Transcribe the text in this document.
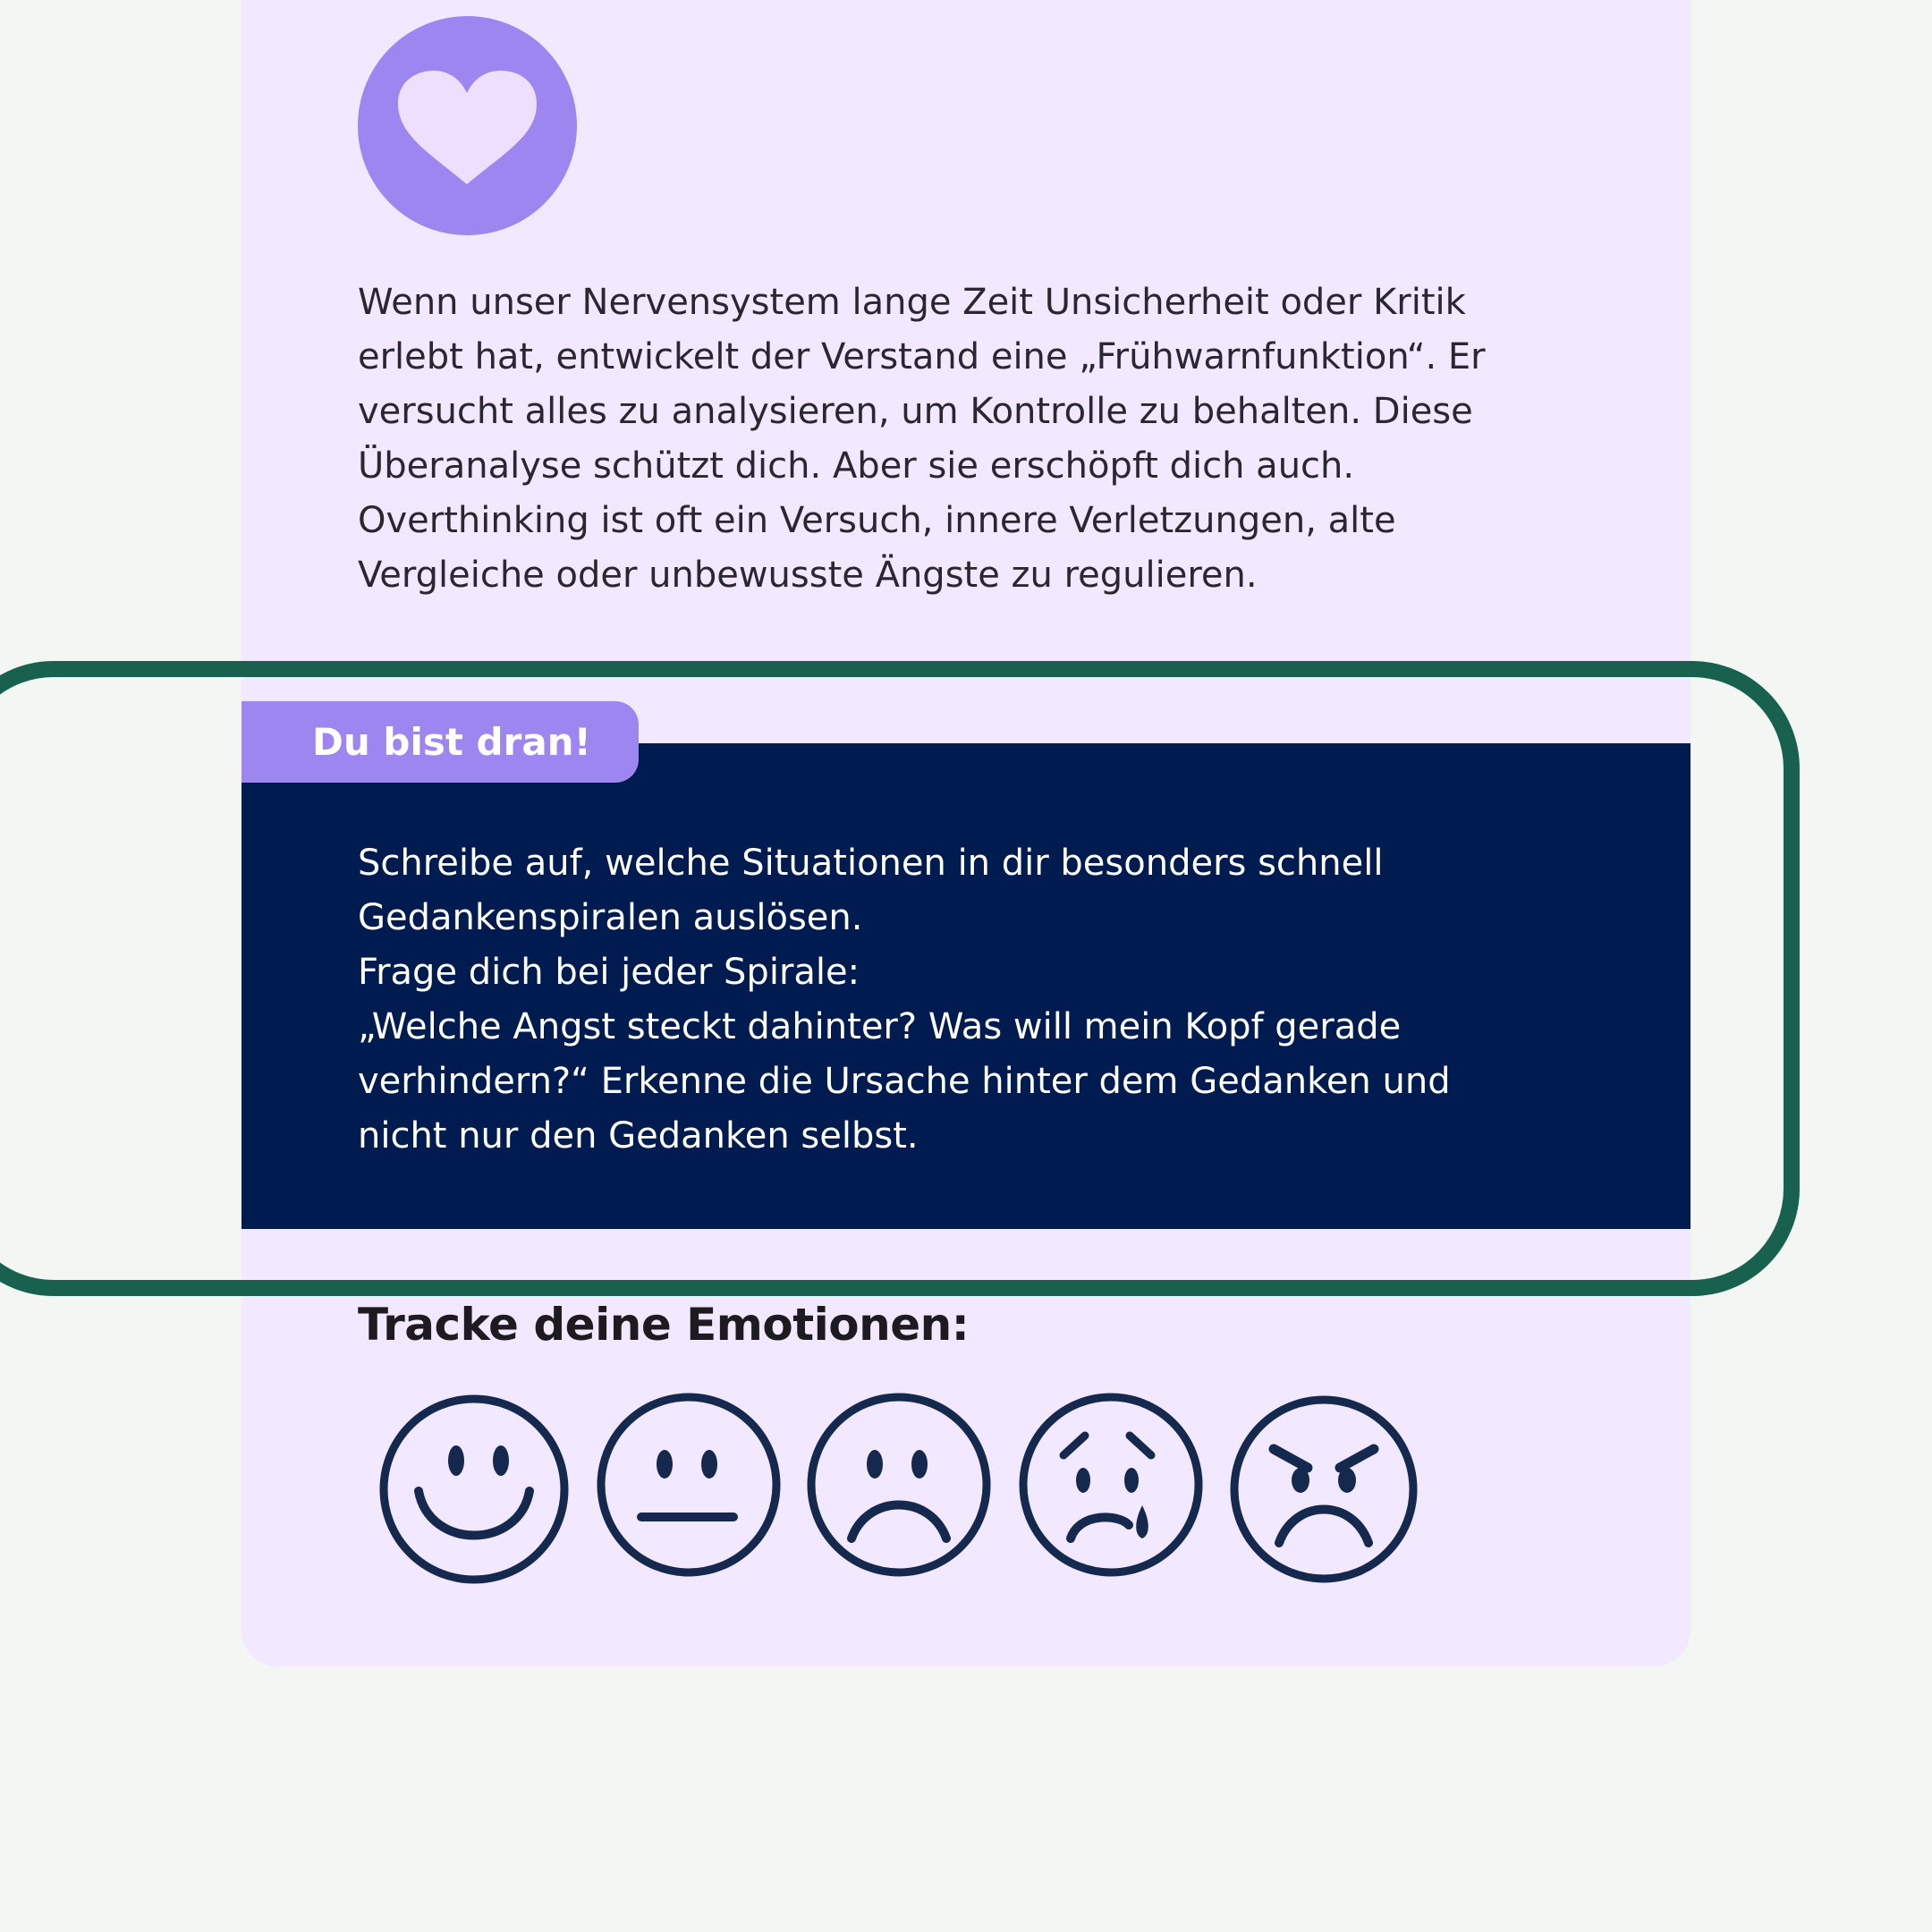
Wenn unser Nervensystem lange Zeit Unsicherheit oder Kritik

erlebt hat, entwickelt der Verstand eine „Frühwarnfunktion“. Er

versucht alles zu analysieren, um Kontrolle zu behalten. Diese

Überanalyse schützt dich. Aber sie erschöpft dich auch.

Overthinking ist oft ein Versuch, innere Verletzungen, alte

Vergleiche oder unbewusste Ängste zu regulieren.

Du bist dran!

Schreibe auf, welche Situationen in dir besonders schnell

Gedankenspiralen auslösen.

Frage dich bei jeder Spirale:

„Welche Angst steckt dahinter? Was will mein Kopf gerade

verhindern?“ Erkenne die Ursache hinter dem Gedanken und

nicht nur den Gedanken selbst.

Tracke deine Emotionen:
